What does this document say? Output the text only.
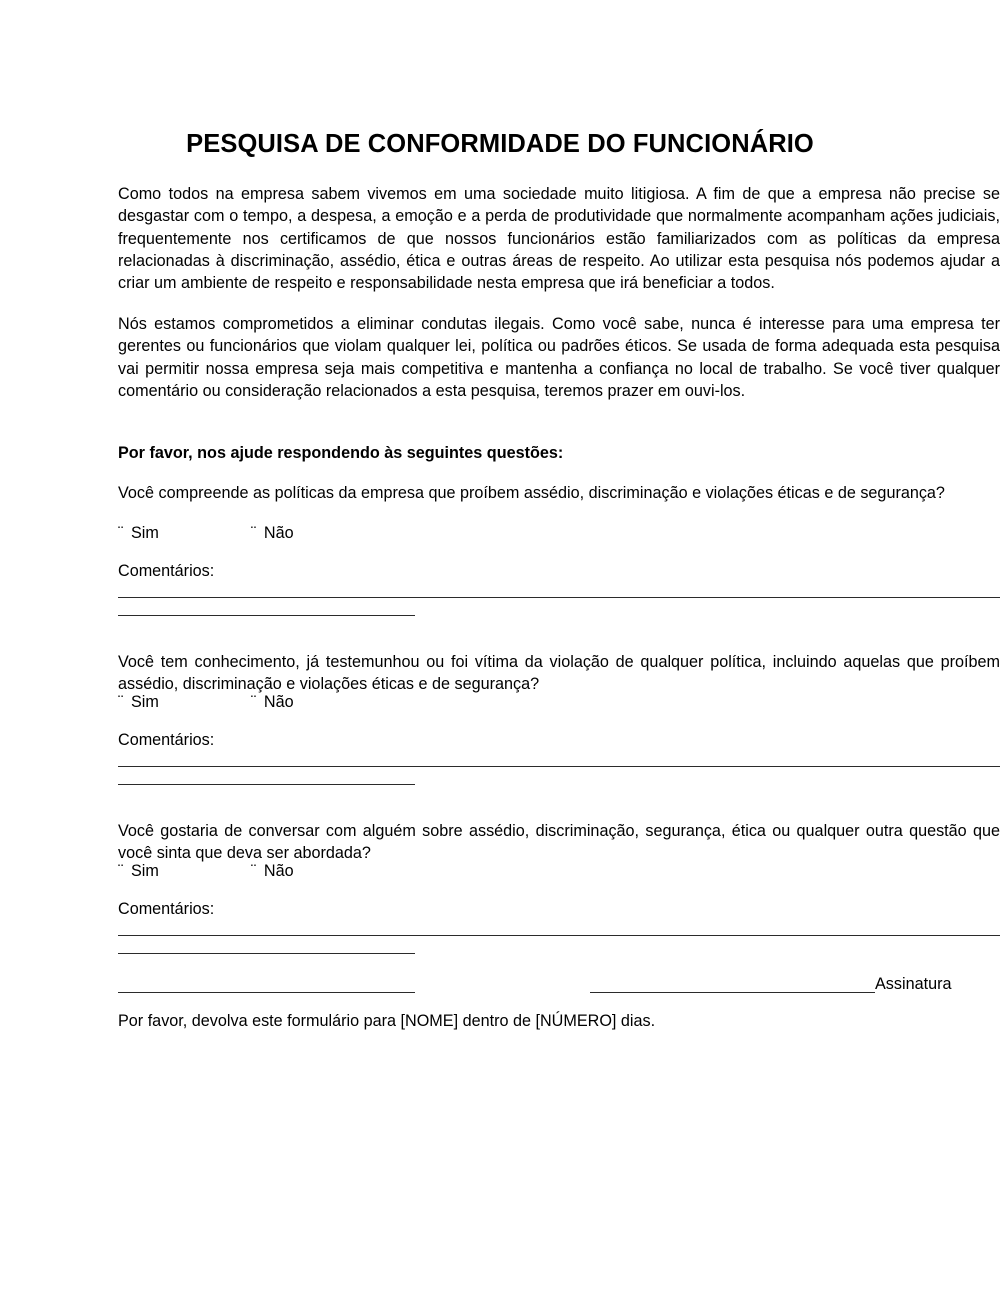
PESQUISA DE CONFORMIDADE DO FUNCIONÁRIO

Como todos na empresa sabem vivemos em uma sociedade muito litigiosa. A fim de que a empresa não precise se desgastar com o tempo, a despesa, a emoção e a perda de produtividade que normalmente acompanham ações judiciais, frequentemente nos certificamos de que nossos funcionários estão familiarizados com as políticas da empresa relacionadas à discriminação, assédio, ética e outras áreas de respeito. Ao utilizar esta pesquisa nós podemos ajudar a criar um ambiente de respeito e responsabilidade nesta empresa que irá beneficiar a todos.

Nós estamos comprometidos a eliminar condutas ilegais. Como você sabe, nunca é interesse para uma empresa ter gerentes ou funcionários que violam qualquer lei, política ou padrões éticos. Se usada de forma adequada esta pesquisa vai permitir nossa empresa seja mais competitiva e mantenha a confiança no local de trabalho. Se você tiver qualquer comentário ou consideração relacionados a esta pesquisa, teremos prazer em ouvi-los.

Por favor, nos ajude respondendo às seguintes questões:

Você compreende as políticas da empresa que proíbem assédio, discriminação e violações éticas e de segurança?

¨ Sim	¨ Não
Comentários:

Você tem conhecimento, já testemunhou ou foi vítima da violação de qualquer política, incluindo aquelas que proíbem assédio, discriminação e violações éticas e de segurança?

¨ Sim	¨ Não
Comentários:

Você gostaria de conversar com alguém sobre assédio, discriminação, segurança, ética ou qualquer outra questão que você sinta que deva ser abordada?

¨ Sim	¨ Não
Comentários:
Assinatura
Por favor, devolva este formulário para [NOME] dentro de [NÚMERO] dias.
